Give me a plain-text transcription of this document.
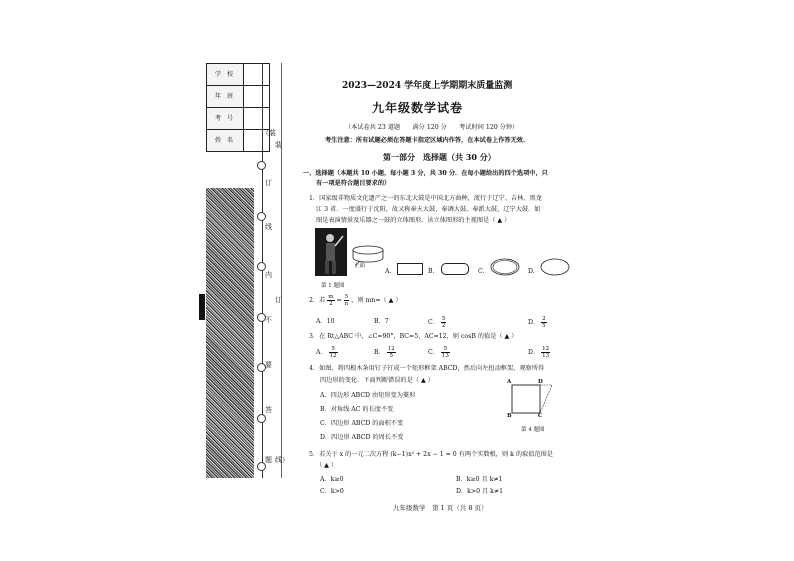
学 校
年 班
考 号
姓 名
（装
订
线
内
不
要
答
题
装
订
线）
2023—2024 学年度上学期期末质量监测
九年级数学试卷
（本试卷共 23 道题　　满分 120 分　　考试时间 120 分钟）
考生注意：所有试题必须在答题卡指定区域内作答，在本试卷上作答无效.
第一部分　选择题（共 30 分）
一、选择题（本题共 10 小题，每小题 3 分，共 30 分．在每小题给出的四个选项中，只
有一项是符合题目要求的）
1．国家级非物质文化遗产之一的东北大鼓是中国北方曲种，流行于辽宁、吉林、黑龙
江 3 省．一度盛行于沈阳，故又称奉天大鼓，奉调大鼓，奉派大鼓，辽宁大鼓．如
图是表演情景及乐器之一鼓的立体图形，该立体图形的主视图是（ ▲ ）
正面
A.	B.	C.	D.
第 1 题图
2．若 $\frac{m}{2} = \frac{5}{n}$ ，则 mn=（ ▲ ）
A．10	B．7	C． $\frac{5}{2}$	D． $\frac{2}{5}$
3．在 Rt△ABC 中，∠C=90°，BC=5，AC=12，则 cosB 的值是（ ▲ ）
A． $\frac{5}{12}$	B． $\frac{12}{5}$	C． $\frac{5}{13}$	D． $\frac{12}{13}$
4．如图，将四根木条用钉子钉成一个矩形框架 ABCD，然后向左扭动框架，观察所得
四边形的变化．下面判断错误的是（ ▲ ）
A．四边形 ABCD 由矩形变为菱形
B．对角线 AC 的长度不变
C．四边形 ABCD 的面积不变
D．四边形 ABCD 的周长不变
A	D
B	C
第 4 题图
5．若关于 x 的一元二次方程 (k−1)x² + 2x − 1 = 0 有两个实数根，则 k 的取值范围是
（ ▲ ）
A．k≥0	B．k≥0 且 k≠1
C．k>0	D．k>0 且 k≠1
九年级数学　第 1 页（共 8 页）
